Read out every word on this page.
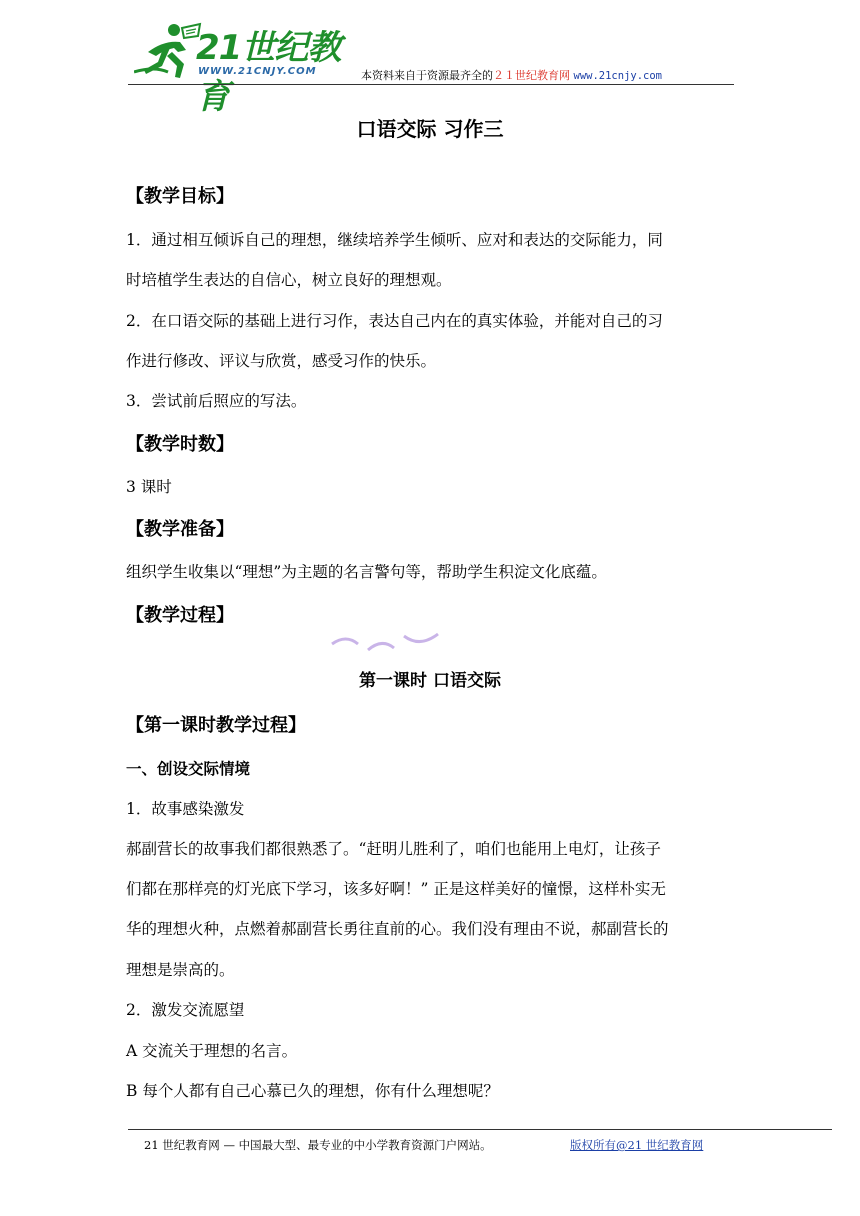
21世纪教育
WWW.21CNJY.COM	本资料来自于资源最齐全的２１世纪教育网 www.21cnjy.com
口语交际 习作三
【教学目标】
1．通过相互倾诉自己的理想，继续培养学生倾听、应对和表达的交际能力，同
时培植学生表达的自信心，树立良好的理想观。
2．在口语交际的基础上进行习作，表达自己内在的真实体验，并能对自己的习
作进行修改、评议与欣赏，感受习作的快乐。
3．尝试前后照应的写法。
【教学时数】
3 课时
【教学准备】
组织学生收集以“理想”为主题的名言警句等，帮助学生积淀文化底蕴。
【教学过程】
第一课时 口语交际
【第一课时教学过程】
一、创设交际情境
1．故事感染激发
郝副营长的故事我们都很熟悉了。“赶明儿胜利了，咱们也能用上电灯，让孩子
们都在那样亮的灯光底下学习，该多好啊！” 正是这样美好的憧憬，这样朴实无
华的理想火种，点燃着郝副营长勇往直前的心。我们没有理由不说，郝副营长的
理想是崇高的。
2．激发交流愿望
A 交流关于理想的名言。
B 每个人都有自己心慕已久的理想，你有什么理想呢？
21 世纪教育网 — 中国最大型、最专业的中小学教育资源门户网站。	版权所有@21 世纪教育网
